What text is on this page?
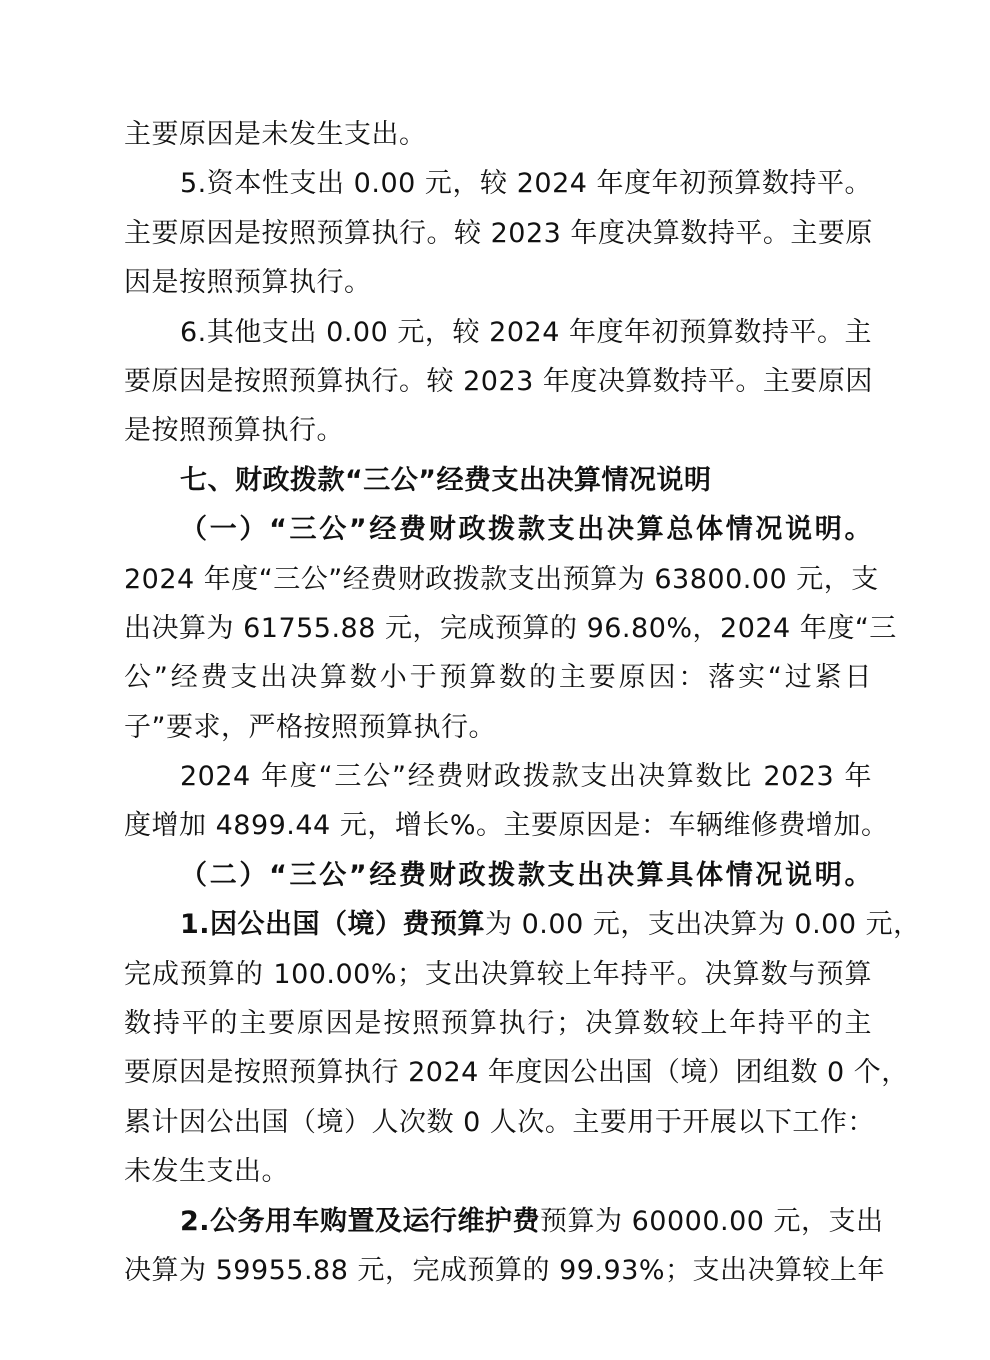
主要原因是未发生支出。
5.资本性支出 0.00 元，较 2024 年度年初预算数持平。
主要原因是按照预算执行。较 2023 年度决算数持平。主要原
因是按照预算执行。
6.其他支出 0.00 元，较 2024 年度年初预算数持平。主
要原因是按照预算执行。较 2023 年度决算数持平。主要原因
是按照预算执行。
七、财政拨款“三公”经费支出决算情况说明
（一）“三公”经费财政拨款支出决算总体情况说明。
2024 年度“三公”经费财政拨款支出预算为 63800.00 元，支
出决算为 61755.88 元，完成预算的 96.80%，2024 年度“三
公”经费支出决算数小于预算数的主要原因：落实“过紧日
子”要求，严格按照预算执行。
2024 年度“三公”经费财政拨款支出决算数比 2023 年
度增加 4899.44 元，增长%。主要原因是：车辆维修费增加。
（二）“三公”经费财政拨款支出决算具体情况说明。
1.因公出国（境）费预算为 0.00 元，支出决算为 0.00 元，
完成预算的 100.00%；支出决算较上年持平。决算数与预算
数持平的主要原因是按照预算执行；决算数较上年持平的主
要原因是按照预算执行 2024 年度因公出国（境）团组数 0 个，
累计因公出国（境）人次数 0 人次。主要用于开展以下工作：
未发生支出。
2.公务用车购置及运行维护费预算为 60000.00 元，支出
决算为 59955.88 元，完成预算的 99.93%；支出决算较上年
